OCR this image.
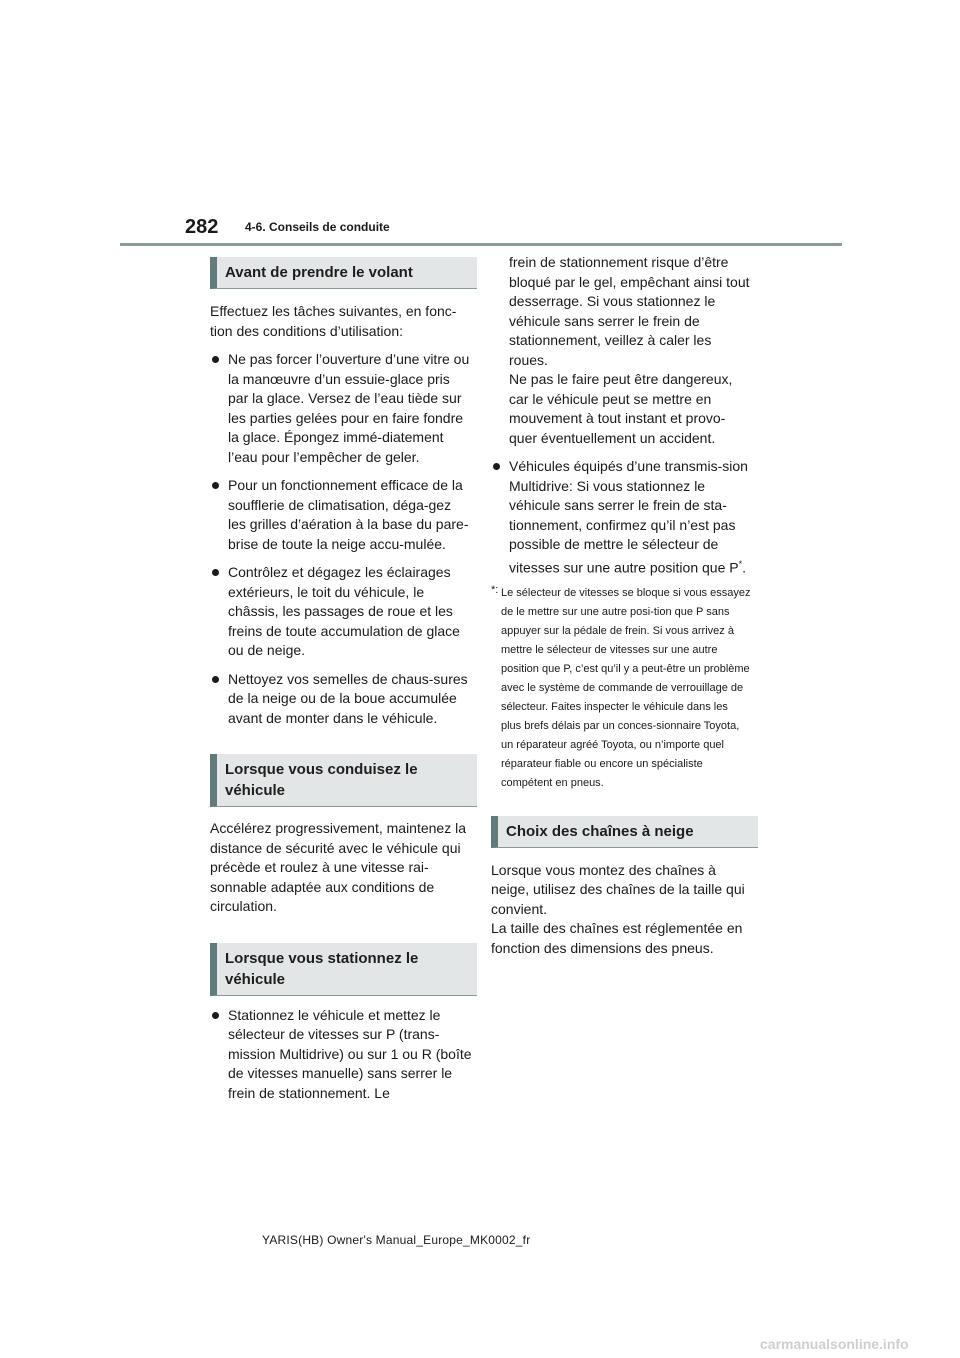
282 4-6. Conseils de conduite
Avant de prendre le volant

Effectuez les tâches suivantes, en fonc-tion des conditions d’utilisation:

Ne pas forcer l’ouverture d’une vitre ou la manœuvre d’un essuie-glace pris par la glace. Versez de l’eau tiède sur les parties gelées pour en faire fondre la glace. Épongez immé-diatement l’eau pour l’empêcher de geler.
Pour un fonctionnement efficace de la soufflerie de climatisation, déga-gez les grilles d’aération à la base du pare-brise de toute la neige accu-mulée.
Contrôlez et dégagez les éclairages extérieurs, le toit du véhicule, le châssis, les passages de roue et les freins de toute accumulation de glace ou de neige.
Nettoyez vos semelles de chaus-sures de la neige ou de la boue accumulée avant de monter dans le véhicule.
Lorsque vous conduisez le véhicule

Accélérez progressivement, maintenez la distance de sécurité avec le véhicule qui précède et roulez à une vitesse rai-sonnable adaptée aux conditions de circulation.

Lorsque vous stationnez le véhicule
Stationnez le véhicule et mettez le sélecteur de vitesses sur P (trans-mission Multidrive) ou sur 1 ou R (boîte de vitesses manuelle) sans serrer le frein de stationnement. Le

frein de stationnement risque d’être bloqué par le gel, empêchant ainsi tout desserrage. Si vous stationnez le véhicule sans serrer le frein de stationnement, veillez à caler les roues.

Ne pas le faire peut être dangereux, car le véhicule peut se mettre en mouvement à tout instant et provo-quer éventuellement un accident.

Véhicules équipés d’une transmis-sion Multidrive: Si vous stationnez le véhicule sans serrer le frein de sta-tionnement, confirmez qu’il n’est pas possible de mettre le sélecteur de vitesses sur une autre position que P*.

*: Le sélecteur de vitesses se bloque si vous essayez de le mettre sur une autre posi-tion que P sans appuyer sur la pédale de frein. Si vous arrivez à mettre le sélecteur de vitesses sur une autre position que P, c’est qu’il y a peut-être un problème avec le système de commande de verrouillage de sélecteur. Faites inspecter le véhicule dans les plus brefs délais par un conces-sionnaire Toyota, un réparateur agréé Toyota, ou n’importe quel réparateur fiable ou encore un spécialiste compétent en pneus.

Choix des chaînes à neige

Lorsque vous montez des chaînes à neige, utilisez des chaînes de la taille qui convient.

La taille des chaînes est réglementée en fonction des dimensions des pneus.

YARIS(HB) Owner's Manual_Europe_MK0002_fr
carmanualsonline.info
